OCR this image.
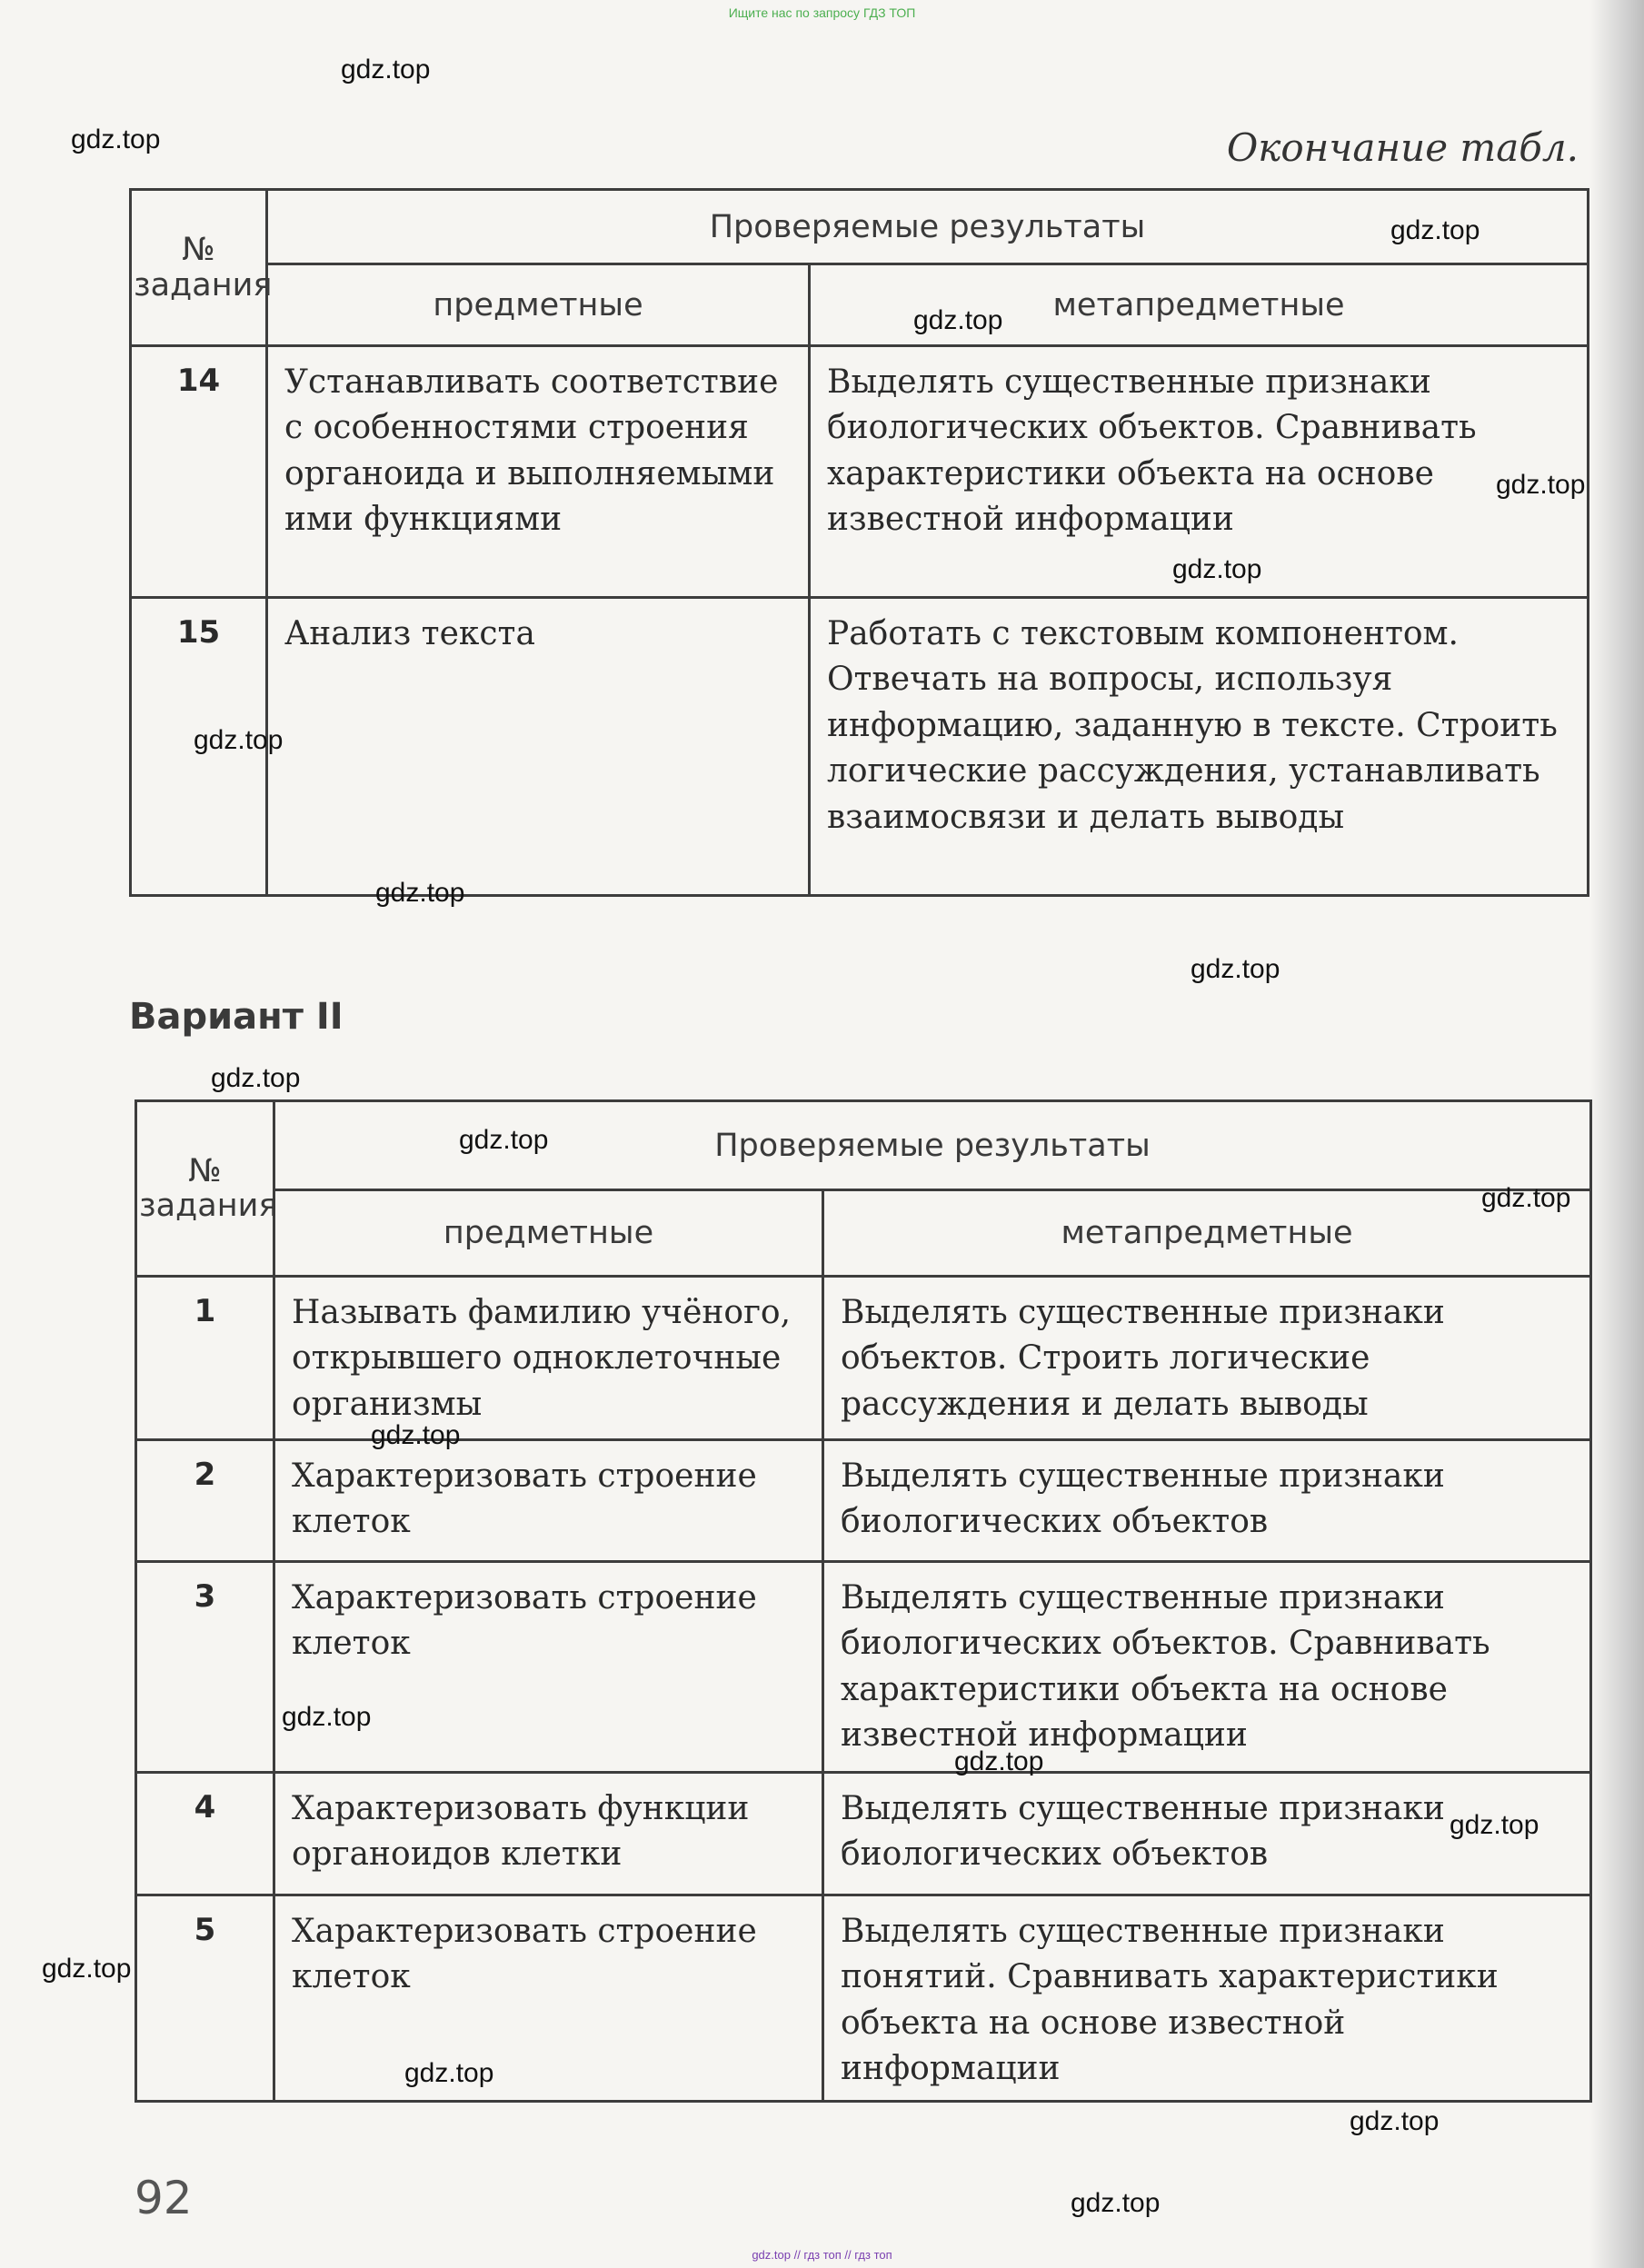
Ищите нас по запросу ГДЗ ТОП
Окончание табл.
№ задания	Проверяемые результаты	
	предметные	метапредметные
14	Устанавливать соответствие с особенностями строения органоида и выполняемыми ими функциями	Выделять существенные признаки биологических объектов. Сравнивать характеристики объекта на основе известной информации
15	Анализ текста	Работать с текстовым компонентом. Отвечать на вопросы, используя информацию, заданную в тексте. Строить логические рассуждения, устанавливать взаимосвязи и делать выводы
Вариант II
№ задания	Проверяемые результаты	
	предметные	метапредметные
1	Называть фамилию учёного, открывшего одноклеточные организмы	Выделять существенные признаки объектов. Строить логические рассуждения и делать выводы
2	Характеризовать строение клеток	Выделять существенные признаки биологических объектов
3	Характеризовать строение клеток	Выделять существенные признаки биологических объектов. Сравнивать характеристики объекта на основе известной информации
4	Характеризовать функции органоидов клетки	Выделять существенные признаки биологических объектов
5	Характеризовать строение клеток	Выделять существенные признаки понятий. Сравнивать характеристики объекта на основе известной информации
92
gdz.top
gdz.top
gdz.top
gdz.top
gdz.top
gdz.top
gdz.top
gdz.top
gdz.top
gdz.top
gdz.top
gdz.top
gdz.top
gdz.top
gdz.top
gdz.top
gdz.top
gdz.top
gdz.top
gdz.top
gdz.top // гдз топ // гдз топ
